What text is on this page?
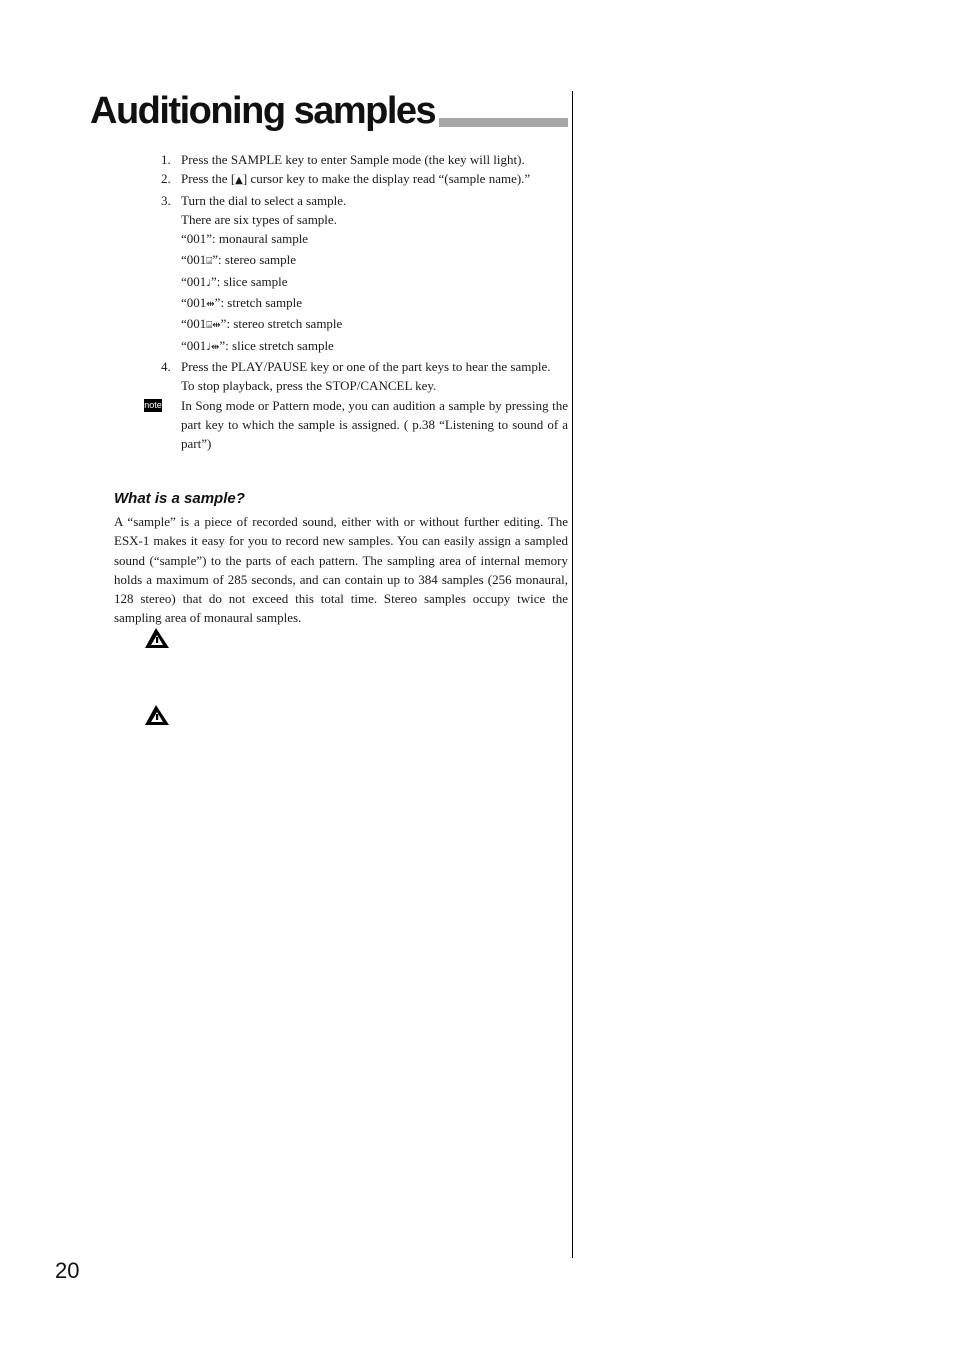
Auditioning samples
1. Press the SAMPLE key to enter Sample mode (the key will light).
2. Press the [▲] cursor key to make the display read “(sample name).”
3. Turn the dial to select a sample.
There are six types of sample.
“001”: monaural sample
“001⌸”: stereo sample
“001♩”: slice sample
“001⇹”: stretch sample
“001⌸⇹”: stereo stretch sample
“001♩⇹”: slice stretch sample
4. Press the PLAY/PAUSE key or one of the part keys to hear the sample.
To stop playback, press the STOP/CANCEL key.
note In Song mode or Pattern mode, you can audition a sample by pressing the part key to which the sample is assigned. ( p.38 “Listening to sound of a part”)
What is a sample?
A “sample” is a piece of recorded sound, either with or without further editing. The ESX-1 makes it easy for you to record new samples. You can easily assign a sampled sound (“sample”) to the parts of each pattern. The sampling area of internal memory holds a maximum of 285 seconds, and can contain up to 384 samples (256 monaural, 128 stereo) that do not exceed this total time. Stereo samples occupy twice the sampling area of monaural samples.
20
